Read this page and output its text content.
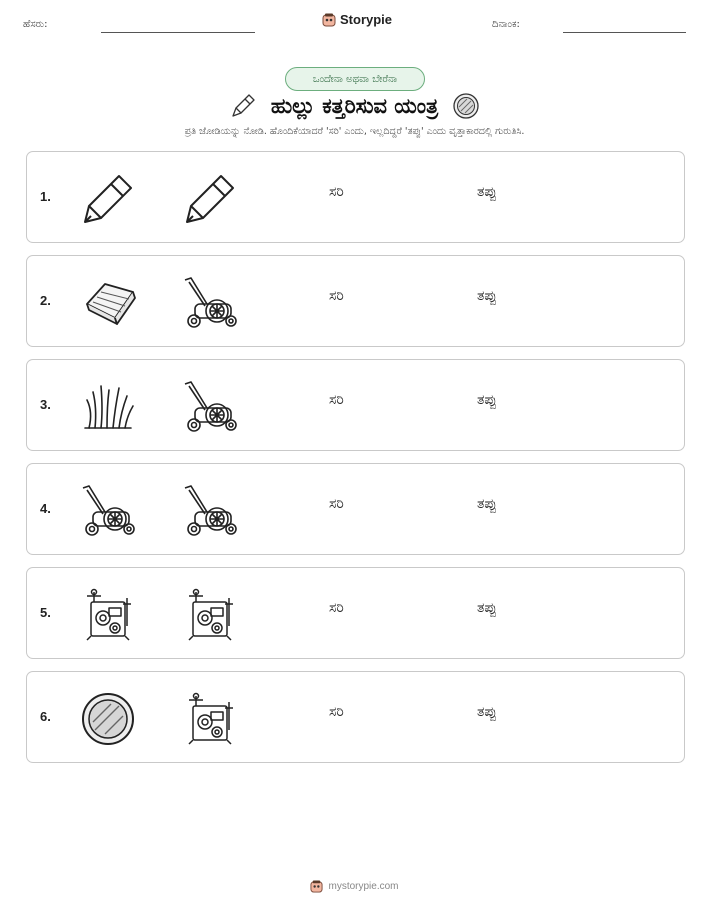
ಹೆಸರು:	Storypie	ದಿನಾಂಕ:
ಒಂದೇನಾ ಅಥವಾ ಬೇರೆನಾ
ಹುಲ್ಲು ಕತ್ತರಿಸುವ ಯಂತ್ರ
ಪ್ರತಿ ಜೋಡಿಯನ್ನು ನೋಡಿ. ಹೊಂದಿಕೆಯಾದರೆ 'ಸರಿ' ಎಂದು, ಇಲ್ಲದಿದ್ದರೆ 'ತಪ್ಪು' ಎಂದು ವೃತ್ತಾಕಾರದಲ್ಲಿ ಗುರುತಿಸಿ.
1.	ಸರಿ	ತಪ್ಪು
2.	ಸರಿ	ತಪ್ಪು
3.	ಸರಿ	ತಪ್ಪು
4.	ಸರಿ	ತಪ್ಪು
5.	ಸರಿ	ತಪ್ಪು
6.	ಸರಿ	ತಪ್ಪು
mystorypie.com
